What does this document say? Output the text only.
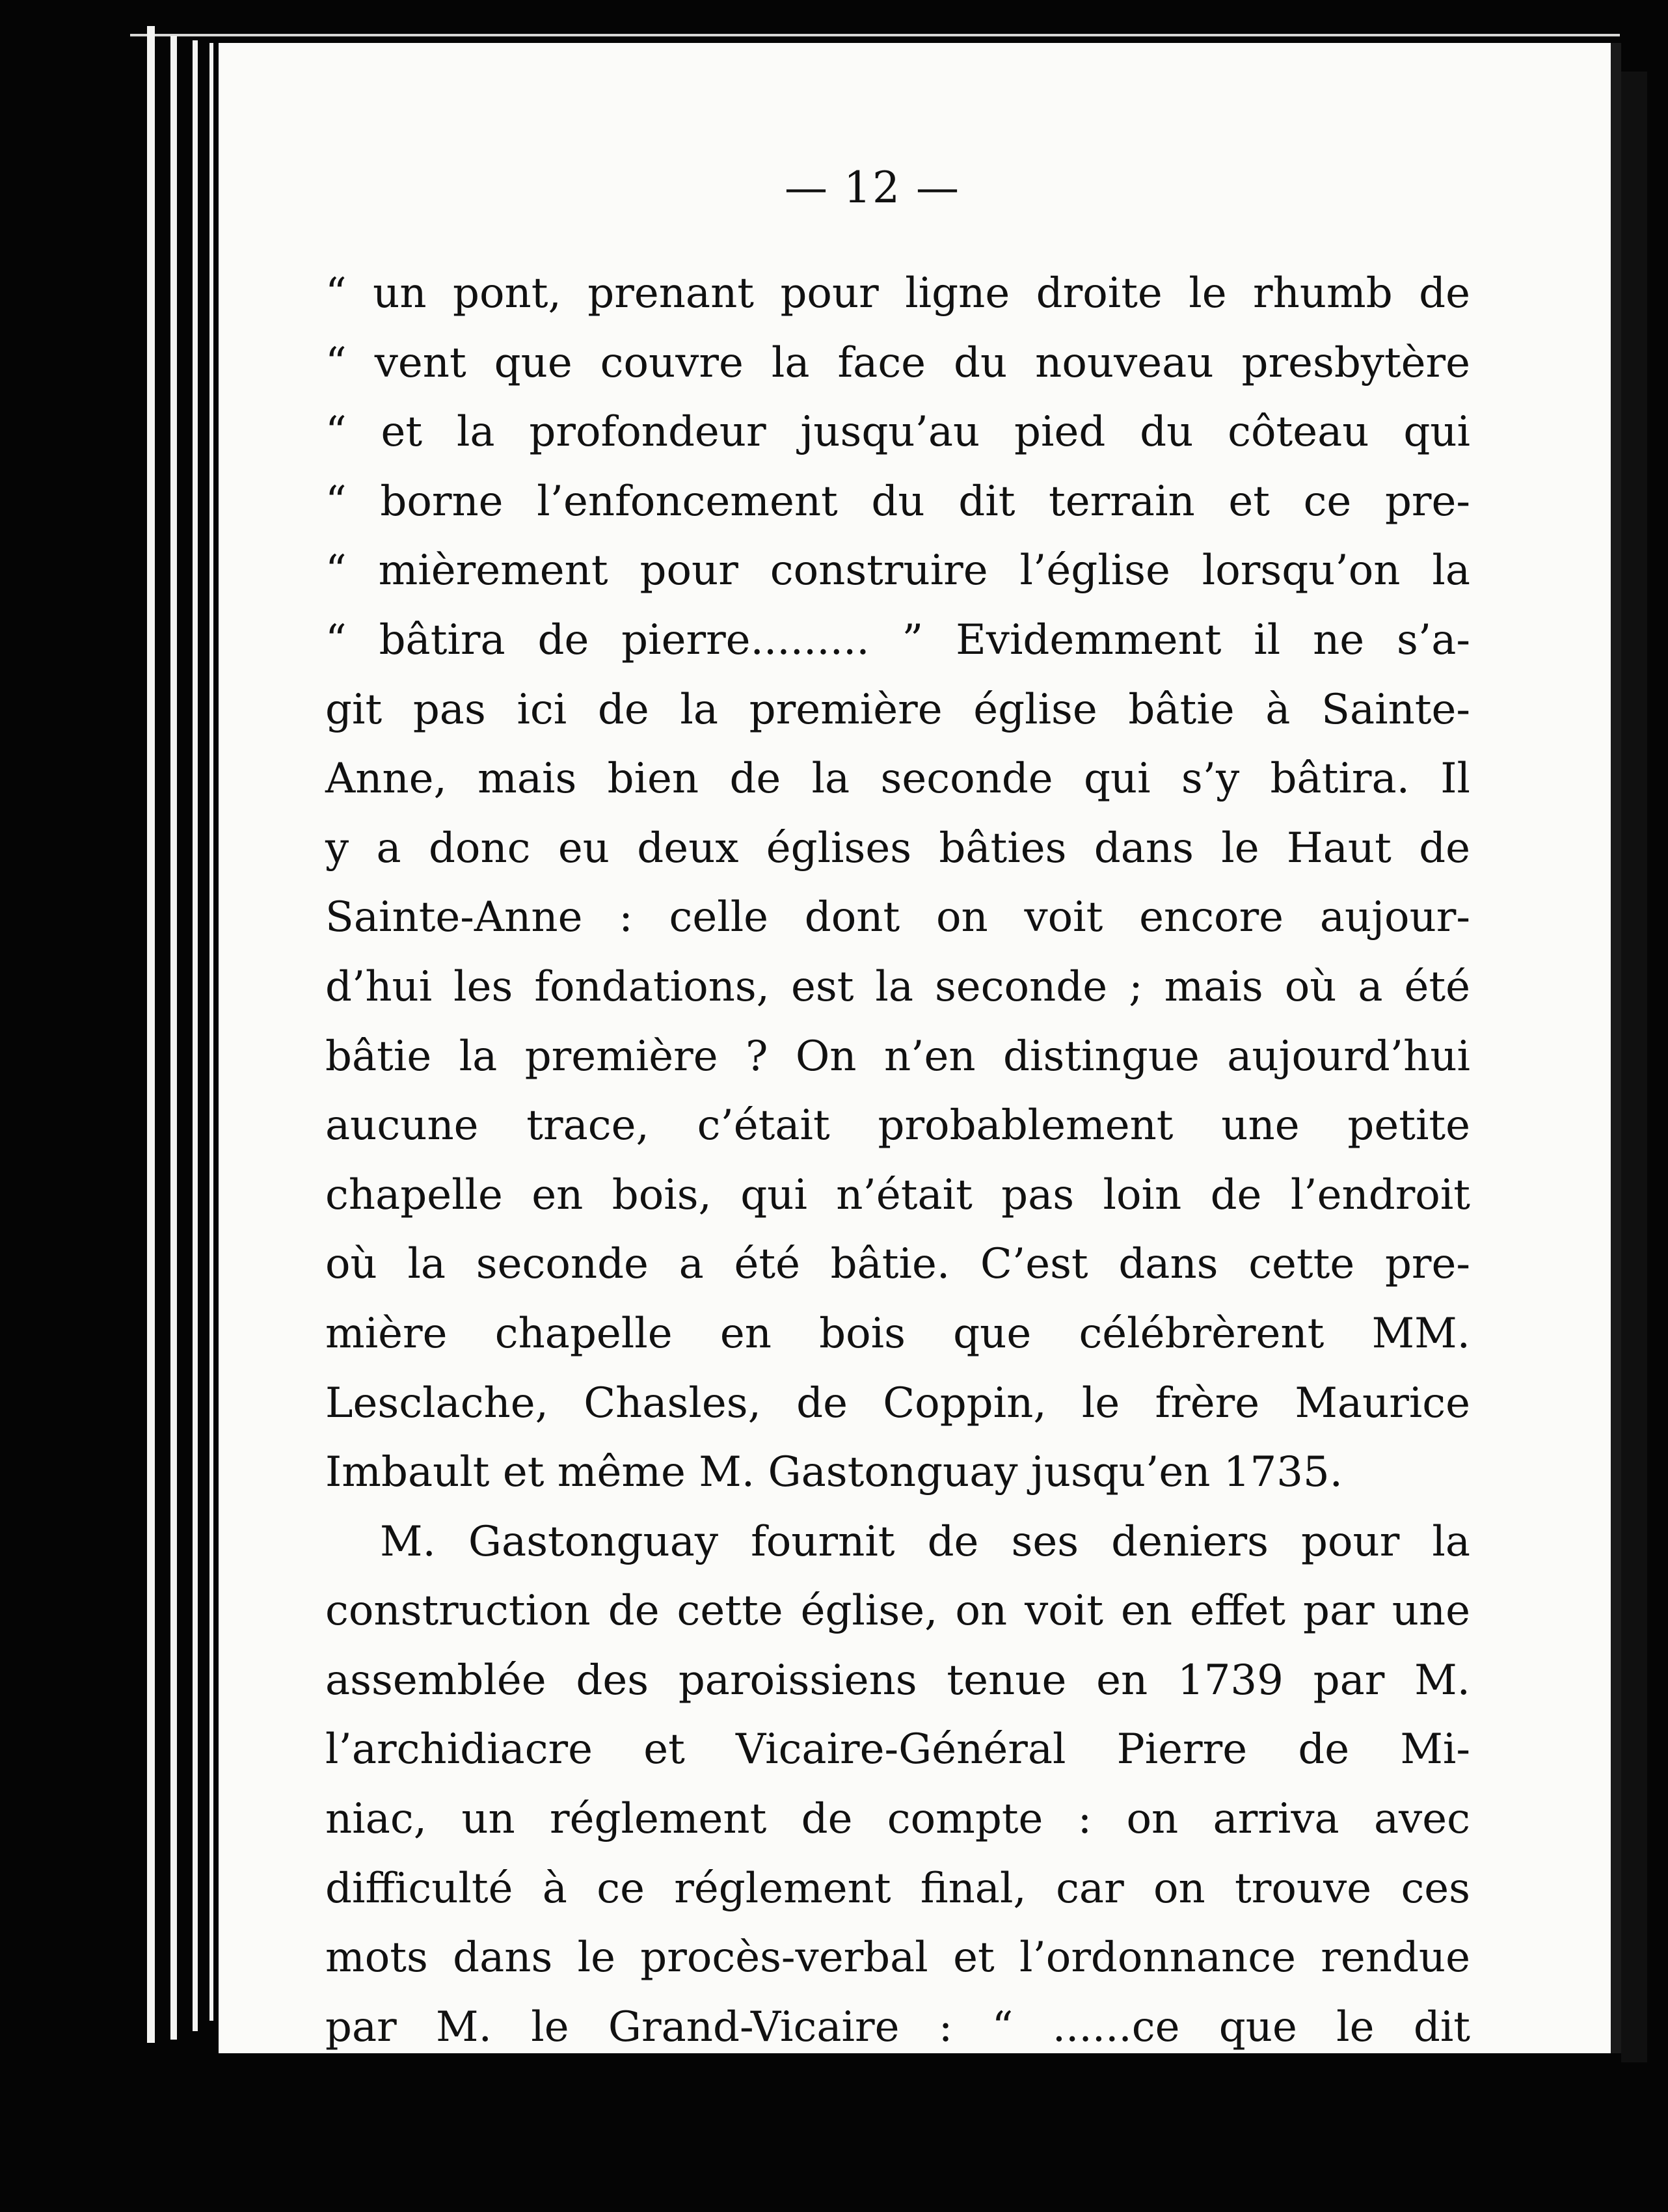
— 12 —
“ un pont, prenant pour ligne droite le rhumb de
“ vent que couvre la face du nouveau presbytère
“ et la profondeur jusqu’au pied du côteau qui
“ borne l’enfoncement du dit terrain et ce pre-
“ mièrement pour construire l’église lorsqu’on la
“ bâtira de pierre......... ” Evidemment il ne s’a-
git pas ici de la première église bâtie à Sainte-
Anne, mais bien de la seconde qui s’y bâtira. Il
y a donc eu deux églises bâties dans le Haut de
Sainte-Anne : celle dont on voit encore aujour-
d’hui les fondations, est la seconde ; mais où a été
bâtie la première ? On n’en distingue aujourd’hui
aucune trace, c’était probablement une petite
chapelle en bois, qui n’était pas loin de l’endroit
où la seconde a été bâtie. C’est dans cette pre-
mière chapelle en bois que célébrèrent MM.
Lesclache, Chasles, de Coppin, le frère Maurice
Imbault et même M. Gastonguay jusqu’en 1735.
M. Gastonguay fournit de ses deniers pour la
construction de cette église, on voit en effet par une
assemblée des paroissiens tenue en 1739 par M.
l’archidiacre et Vicaire-Général Pierre de Mi-
niac, un réglement de compte : on arriva avec
difficulté à ce réglement final, car on trouve ces
mots dans le procès-verbal et l’ordonnance rendue
par M. le Grand-Vicaire : “ ......ce que le dit
